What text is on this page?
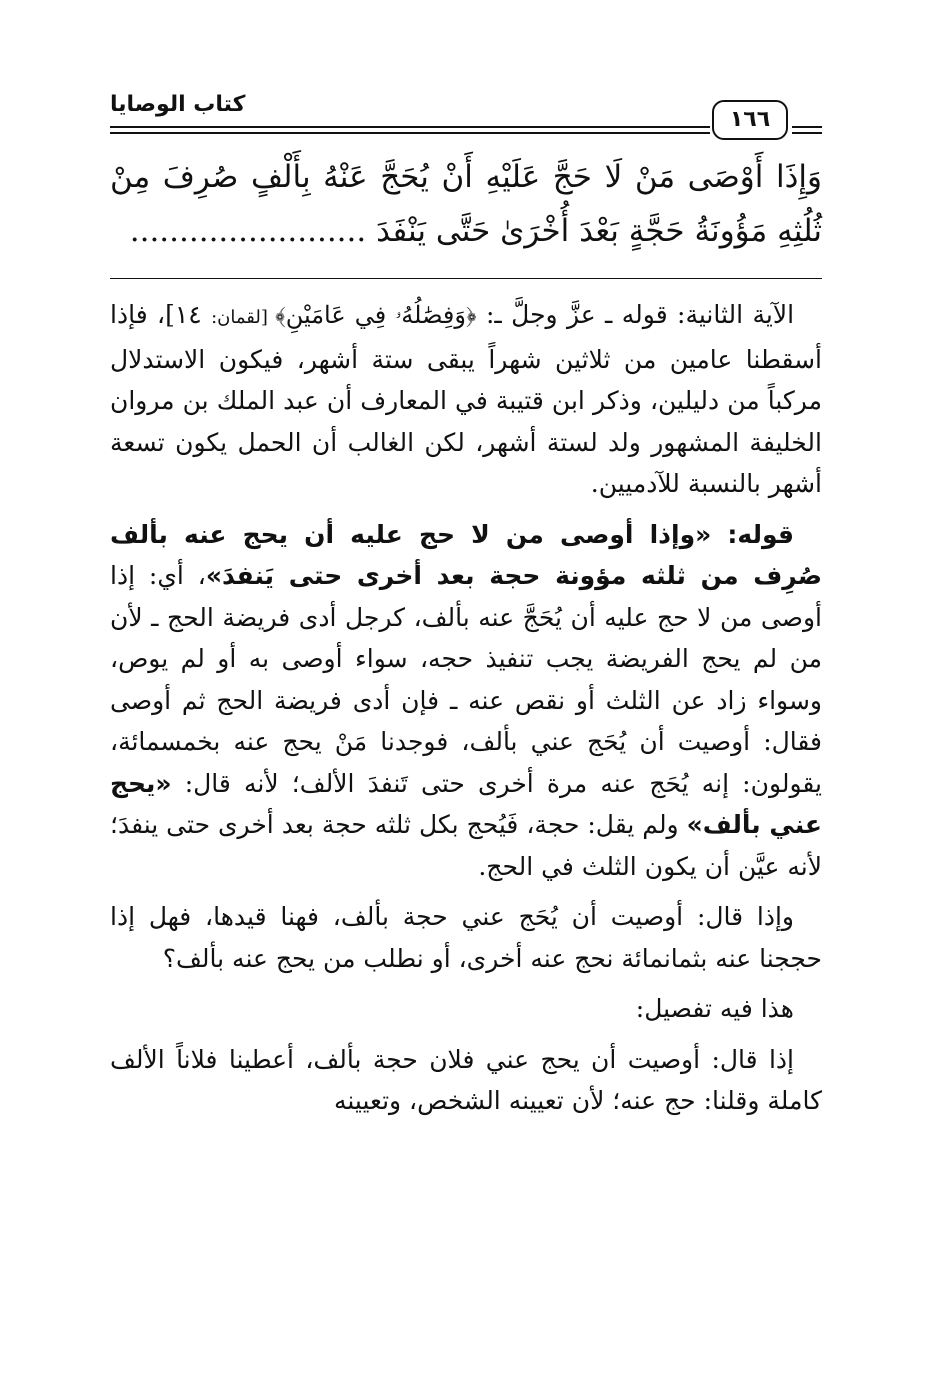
كتاب الوصايا
١٦٦
وَإِذَا أَوْصَى مَنْ لَا حَجَّ عَلَيْهِ أَنْ يُحَجَّ عَنْهُ بِأَلْفٍ صُرِفَ مِنْ ثُلُثِهِ مَؤُونَةُ حَجَّةٍ بَعْدَ أُخْرَىٰ حَتَّى يَنْفَدَ ........................

الآية الثانية: قوله ـ عزَّ وجلَّ ـ: ﴿وَفِصَٰلُهُۥ فِي عَامَيْنِ﴾ [لقمان: ١٤]، فإذا أسقطنا عامين من ثلاثين شهراً يبقى ستة أشهر، فيكون الاستدلال مركباً من دليلين، وذكر ابن قتيبة في المعارف أن عبد الملك بن مروان الخليفة المشهور ولد لستة أشهر، لكن الغالب أن الحمل يكون تسعة أشهر بالنسبة للآدميين.

قوله: «وإذا أوصى من لا حج عليه أن يحج عنه بألف صُرِف من ثلثه مؤونة حجة بعد أخرى حتى يَنفدَ»، أي: إذا أوصى من لا حج عليه أن يُحَجَّ عنه بألف، كرجل أدى فريضة الحج ـ لأن من لم يحج الفريضة يجب تنفيذ حجه، سواء أوصى به أو لم يوص، وسواء زاد عن الثلث أو نقص عنه ـ فإن أدى فريضة الحج ثم أوصى فقال: أوصيت أن يُحَج عني بألف، فوجدنا مَنْ يحج عنه بخمسمائة، يقولون: إنه يُحَج عنه مرة أخرى حتى تَنفدَ الألف؛ لأنه قال: «يحج عني بألف» ولم يقل: حجة، فَيُحج بكل ثلثه حجة بعد أخرى حتى ينفدَ؛ لأنه عيَّن أن يكون الثلث في الحج.

وإذا قال: أوصيت أن يُحَج عني حجة بألف، فهنا قيدها، فهل إذا حججنا عنه بثمانمائة نحج عنه أخرى، أو نطلب من يحج عنه بألف؟

هذا فيه تفصيل:

إذا قال: أوصيت أن يحج عني فلان حجة بألف، أعطينا فلاناً الألف كاملة وقلنا: حج عنه؛ لأن تعيينه الشخص، وتعيينه
